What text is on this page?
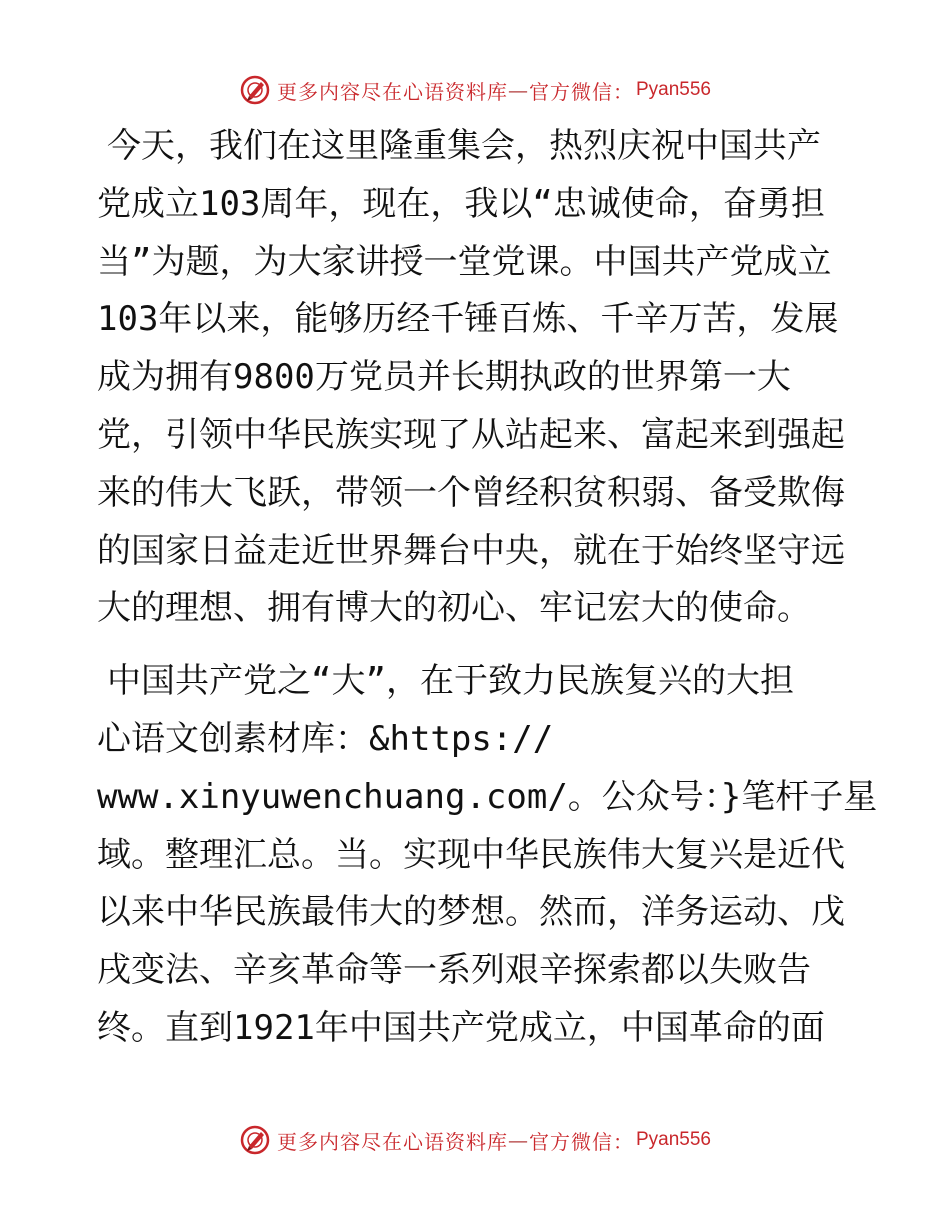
更多内容尽在心语资料库 — 官方微信： Pyan556
今天，我们在这里隆重集会，热烈庆祝中国共产
党成立103周年，现在，我以“忠诚使命，奋勇担
当”为题，为大家讲授一堂党课。中国共产党成立
103年以来，能够历经千锤百炼、千辛万苦，发展
成为拥有9800万党员并长期执政的世界第一大
党，引领中华民族实现了从站起来、富起来到强起
来的伟大飞跃，带领一个曾经积贫积弱、备受欺侮
的国家日益走近世界舞台中央，就在于始终坚守远
大的理想、拥有博大的初心、牢记宏大的使命。
中国共产党之“大”，在于致力民族复兴的大担
心语文创素材库：&https://
www.xinyuwenchuang.com/。公众号：}笔杆子星
域。整理汇总。当。实现中华民族伟大复兴是近代
以来中华民族最伟大的梦想。然而，洋务运动、戊
戌变法、辛亥革命等一系列艰辛探索都以失败告
终。直到1921年中国共产党成立，中国革命的面
更多内容尽在心语资料库 — 官方微信： Pyan556
